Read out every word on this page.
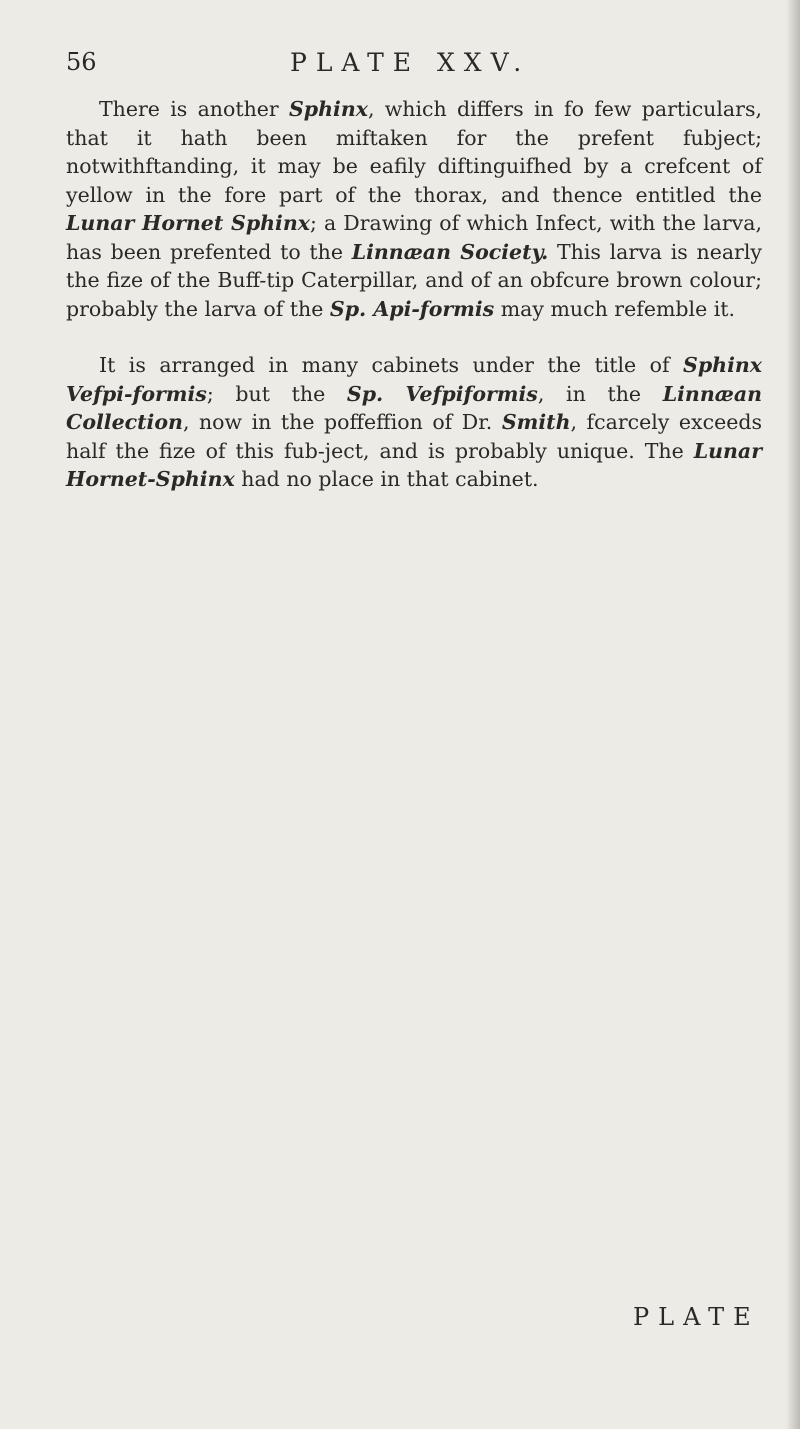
56	PLATE XXV.

There is another Sphinx, which differs in fo few particulars, that it hath been miftaken for the prefent fubject; notwithftanding, it may be eafily diftinguifhed by a crefcent of yellow in the fore part of the thorax, and thence entitled the Lunar Hornet Sphinx; a Drawing of which Infect, with the larva, has been prefented to the Linnæan Society. This larva is nearly the fize of the Buff-tip Caterpillar, and of an obfcure brown colour; probably the larva of the Sp. Api-formis may much refemble it.

It is arranged in many cabinets under the title of Sphinx Vefpi-formis; but the Sp. Vefpiformis, in the Linnæan Collection, now in the poffeffion of Dr. Smith, fcarcely exceeds half the fize of this fub-ject, and is probably unique. The Lunar Hornet-Sphinx had no place in that cabinet.

PLATE
